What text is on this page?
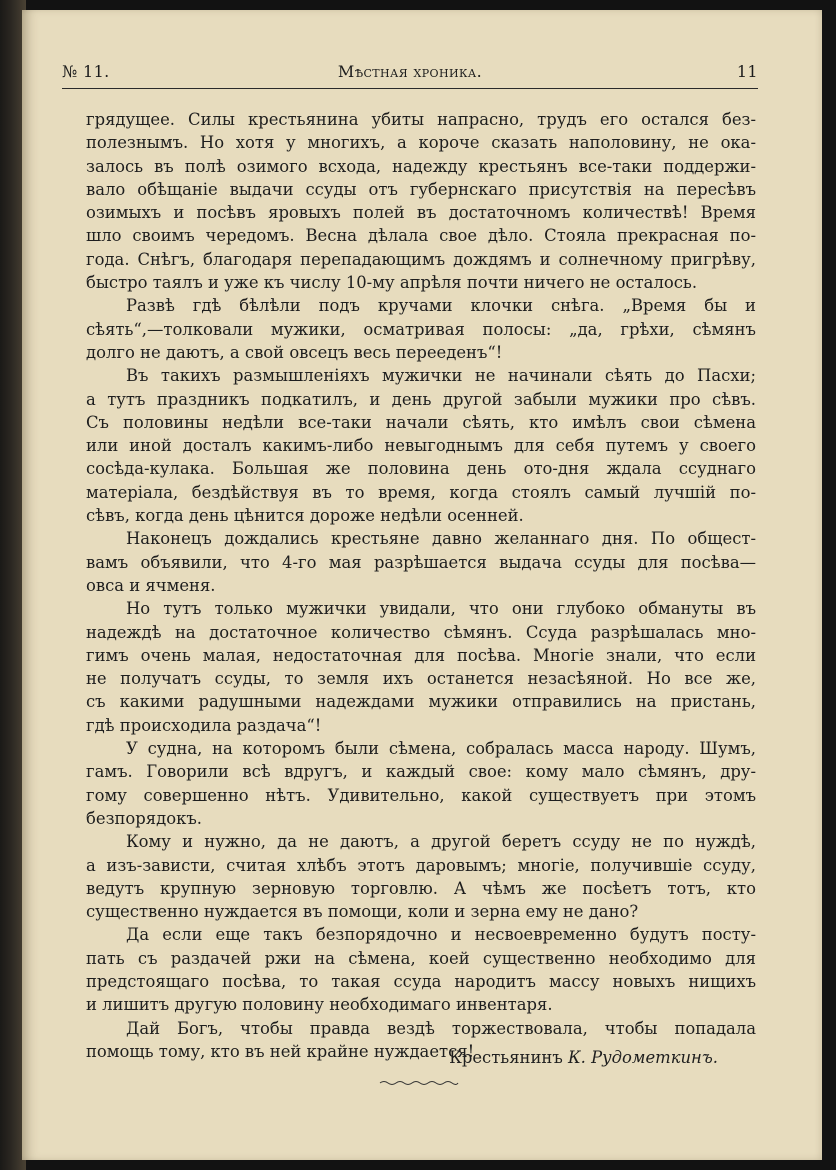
№ 11.	Мѣстная хроника.	11
грядущее. Силы крестьянина убиты напрасно, трудъ его остался без-
полезнымъ. Но хотя у многихъ, а короче сказать наполовину, не ока-
залось въ полѣ озимого всхода, надежду крестьянъ все-таки поддержи-
вало обѣщанiе выдачи ссуды отъ губернскаго присутствiя на пересѣвъ
озимыхъ и посѣвъ яровыхъ полей въ достаточномъ количествѣ! Время
шло своимъ чередомъ. Весна дѣлала свое дѣло. Стояла прекрасная по-
года. Снѣгъ, благодаря перепадающимъ дождямъ и солнечному пригрѣву,
быстро таялъ и уже къ числу 10-му апрѣля почти ничего не осталось.
Развѣ гдѣ бѣлѣли подъ кручами клочки снѣга. „Время бы и
сѣять“,—толковали мужики, осматривая полосы: „да, грѣхи, сѣмянъ
долго не даютъ, а свой овсецъ весь перееденъ“!
Въ такихъ размышленiяхъ мужички не начинали сѣять до Пасхи;
а тутъ праздникъ подкатилъ, и день другой забыли мужики про сѣвъ.
Съ половины недѣли все-таки начали сѣять, кто имѣлъ свои сѣмена
или иной досталъ какимъ-либо невыгоднымъ для себя путемъ у своего
сосѣда-кулака. Большая же половина день ото-дня ждала ссуднаго
матерiала, бездѣйствуя въ то время, когда стоялъ самый лучшiй по-
сѣвъ, когда день цѣнится дороже недѣли осенней.
Наконецъ дождались крестьяне давно желаннаго дня. По общест-
вамъ объявили, что 4-го мая разрѣшается выдача ссуды для посѣва—
овса и ячменя.
Но тутъ только мужички увидали, что они глубоко обмануты въ
надеждѣ на достаточное количество сѣмянъ. Ссуда разрѣшалась мно-
гимъ очень малая, недостаточная для посѣва. Многiе знали, что если
не получатъ ссуды, то земля ихъ останется незасѣяной. Но все же,
съ какими радушными надеждами мужики отправились на пристань,
гдѣ происходила раздача“!
У судна, на которомъ были сѣмена, собралась масса народу. Шумъ,
гамъ. Говорили всѣ вдругъ, и каждый свое: кому мало сѣмянъ, дру-
гому совершенно нѣтъ. Удивительно, какой существуетъ при этомъ
безпорядокъ.
Кому и нужно, да не даютъ, а другой беретъ ссуду не по нуждѣ,
а изъ-зависти, считая хлѣбъ этотъ даровымъ; многiе, получившiе ссуду,
ведутъ крупную зерновую торговлю. А чѣмъ же посѣетъ тотъ, кто
существенно нуждается въ помощи, коли и зерна ему не дано?
Да если еще такъ безпорядочно и несвоевременно будутъ посту-
пать съ раздачей ржи на сѣмена, коей существенно необходимо для
предстоящаго посѣва, то такая ссуда народитъ массу новыхъ нищихъ
и лишитъ другую половину необходимаго инвентаря.
Дай Богъ, чтобы правда вездѣ торжествовала, чтобы попадала
помощь тому, кто въ ней крайне нуждается!
Крестьянинъ К. Рудометкинъ.
